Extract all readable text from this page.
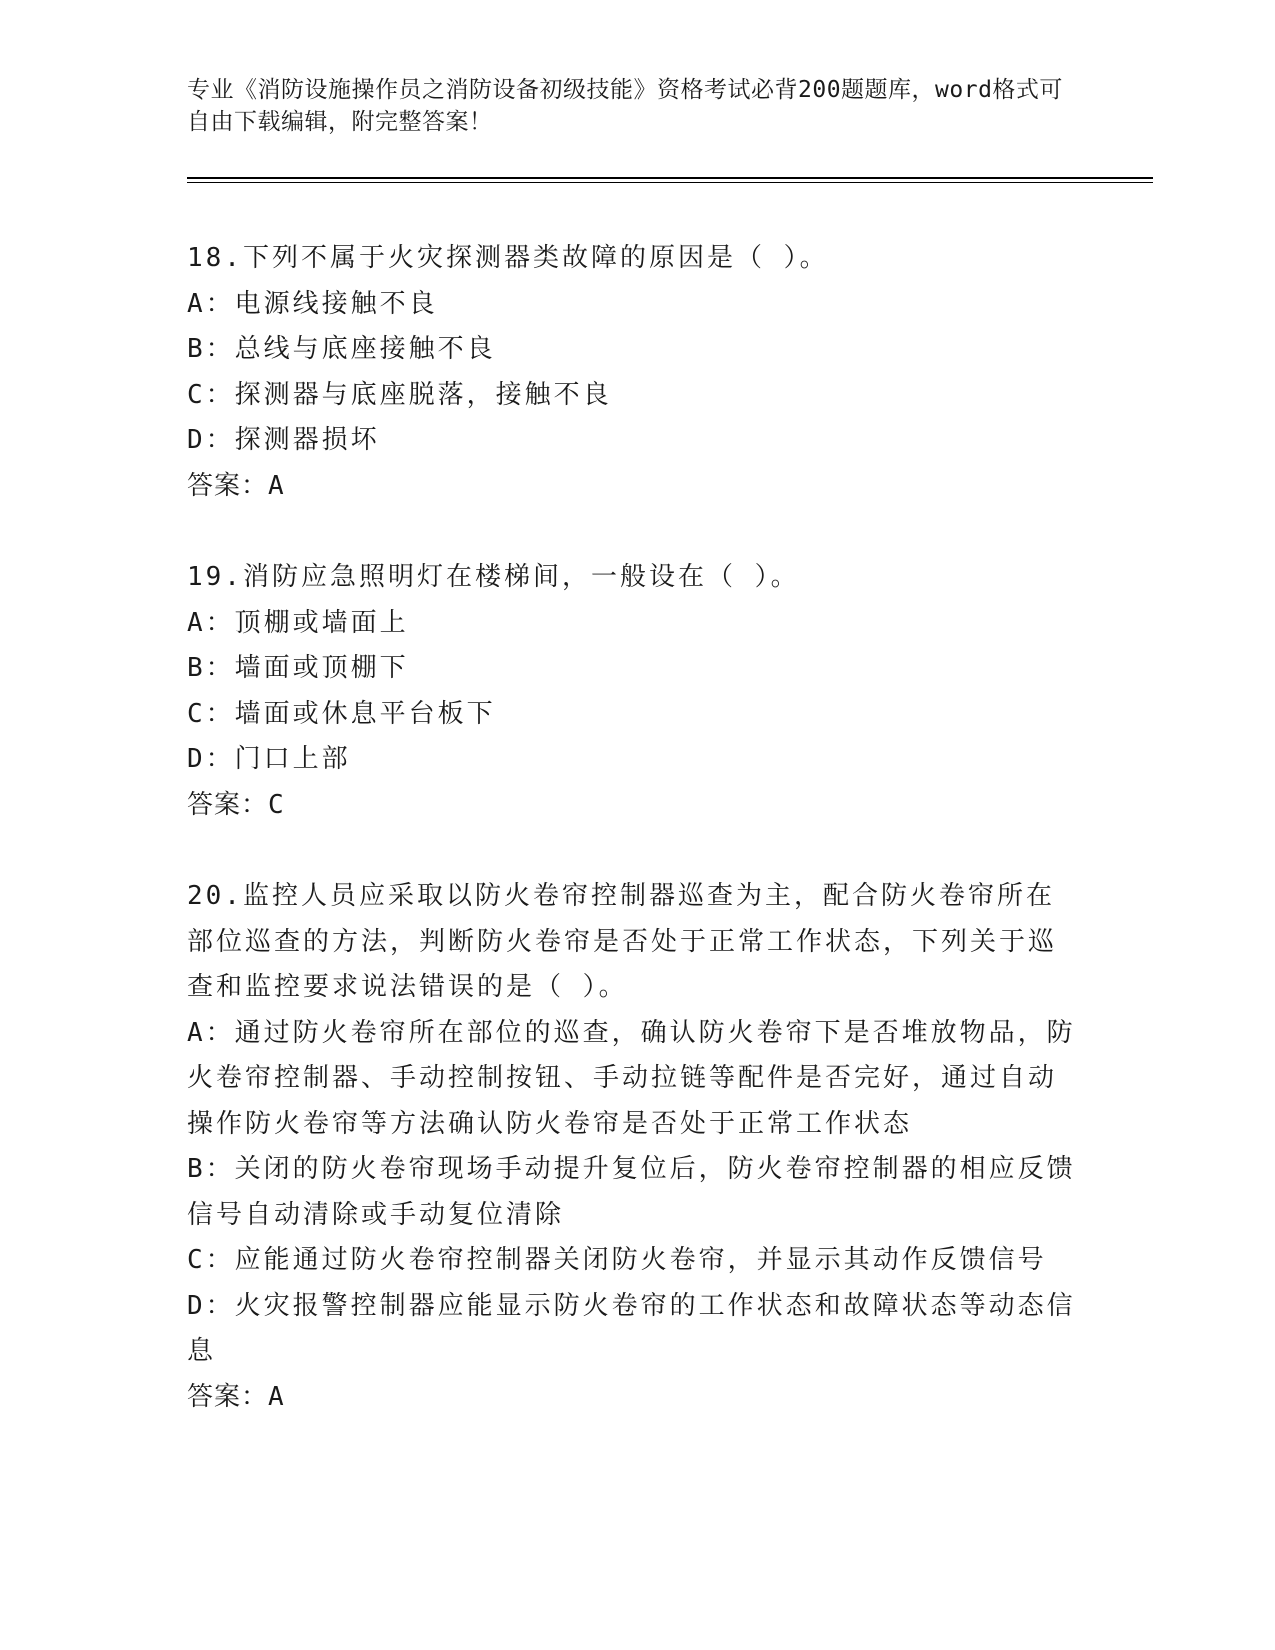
专业《消防设施操作员之消防设备初级技能》资格考试必背200题题库，word格式可自由下载编辑，附完整答案！

18.下列不属于火灾探测器类故障的原因是（ ）。

A：电源线接触不良

B：总线与底座接触不良

C：探测器与底座脱落，接触不良

D：探测器损坏

答案：A

19.消防应急照明灯在楼梯间，一般设在（ ）。

A：顶棚或墙面上

B：墙面或顶棚下

C：墙面或休息平台板下

D：门口上部

答案：C

20.监控人员应采取以防火卷帘控制器巡查为主，配合防火卷帘所在部位巡查的方法，判断防火卷帘是否处于正常工作状态，下列关于巡查和监控要求说法错误的是（ ）。

A：通过防火卷帘所在部位的巡查，确认防火卷帘下是否堆放物品，防火卷帘控制器、手动控制按钮、手动拉链等配件是否完好，通过自动操作防火卷帘等方法确认防火卷帘是否处于正常工作状态

B：关闭的防火卷帘现场手动提升复位后，防火卷帘控制器的相应反馈信号自动清除或手动复位清除

C：应能通过防火卷帘控制器关闭防火卷帘，并显示其动作反馈信号

D：火灾报警控制器应能显示防火卷帘的工作状态和故障状态等动态信息

答案：A
